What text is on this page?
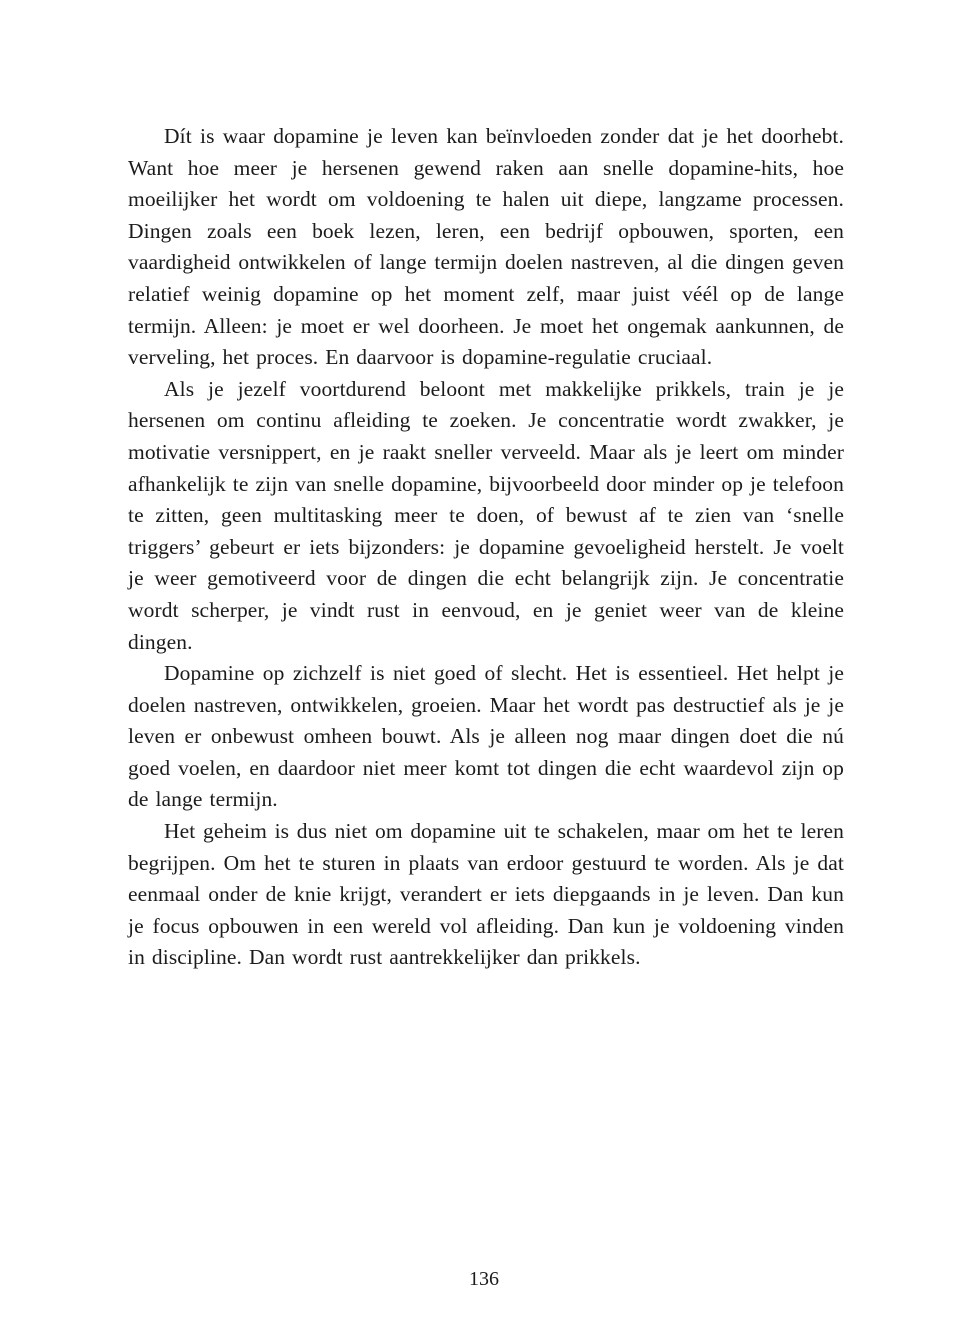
Dít is waar dopamine je leven kan beïnvloeden zonder dat je het doorhebt. Want hoe meer je hersenen gewend raken aan snelle dopamine-hits, hoe moeilijker het wordt om voldoening te halen uit diepe, langzame processen. Dingen zoals een boek lezen, leren, een bedrijf opbouwen, sporten, een vaardigheid ontwikkelen of lange termijn doelen nastreven, al die dingen geven relatief weinig dopamine op het moment zelf, maar juist véél op de lange termijn. Alleen: je moet er wel doorheen. Je moet het ongemak aankunnen, de verveling, het proces. En daarvoor is dopamine-regulatie cruciaal.

Als je jezelf voortdurend beloont met makkelijke prikkels, train je je hersenen om continu afleiding te zoeken. Je concentratie wordt zwakker, je motivatie versnippert, en je raakt sneller verveeld. Maar als je leert om minder afhankelijk te zijn van snelle dopamine, bijvoorbeeld door minder op je telefoon te zitten, geen multitasking meer te doen, of bewust af te zien van ‘snelle triggers’ gebeurt er iets bijzonders: je dopamine gevoeligheid herstelt. Je voelt je weer gemotiveerd voor de dingen die echt belangrijk zijn. Je concentratie wordt scherper, je vindt rust in eenvoud, en je geniet weer van de kleine dingen.

Dopamine op zichzelf is niet goed of slecht. Het is essentieel. Het helpt je doelen nastreven, ontwikkelen, groeien. Maar het wordt pas destructief als je je leven er onbewust omheen bouwt. Als je alleen nog maar dingen doet die nú goed voelen, en daardoor niet meer komt tot dingen die echt waardevol zijn op de lange termijn.

Het geheim is dus niet om dopamine uit te schakelen, maar om het te leren begrijpen. Om het te sturen in plaats van erdoor gestuurd te worden. Als je dat eenmaal onder de knie krijgt, verandert er iets diepgaands in je leven. Dan kun je focus opbouwen in een wereld vol afleiding. Dan kun je voldoening vinden in discipline. Dan wordt rust aantrekkelijker dan prikkels.

136
